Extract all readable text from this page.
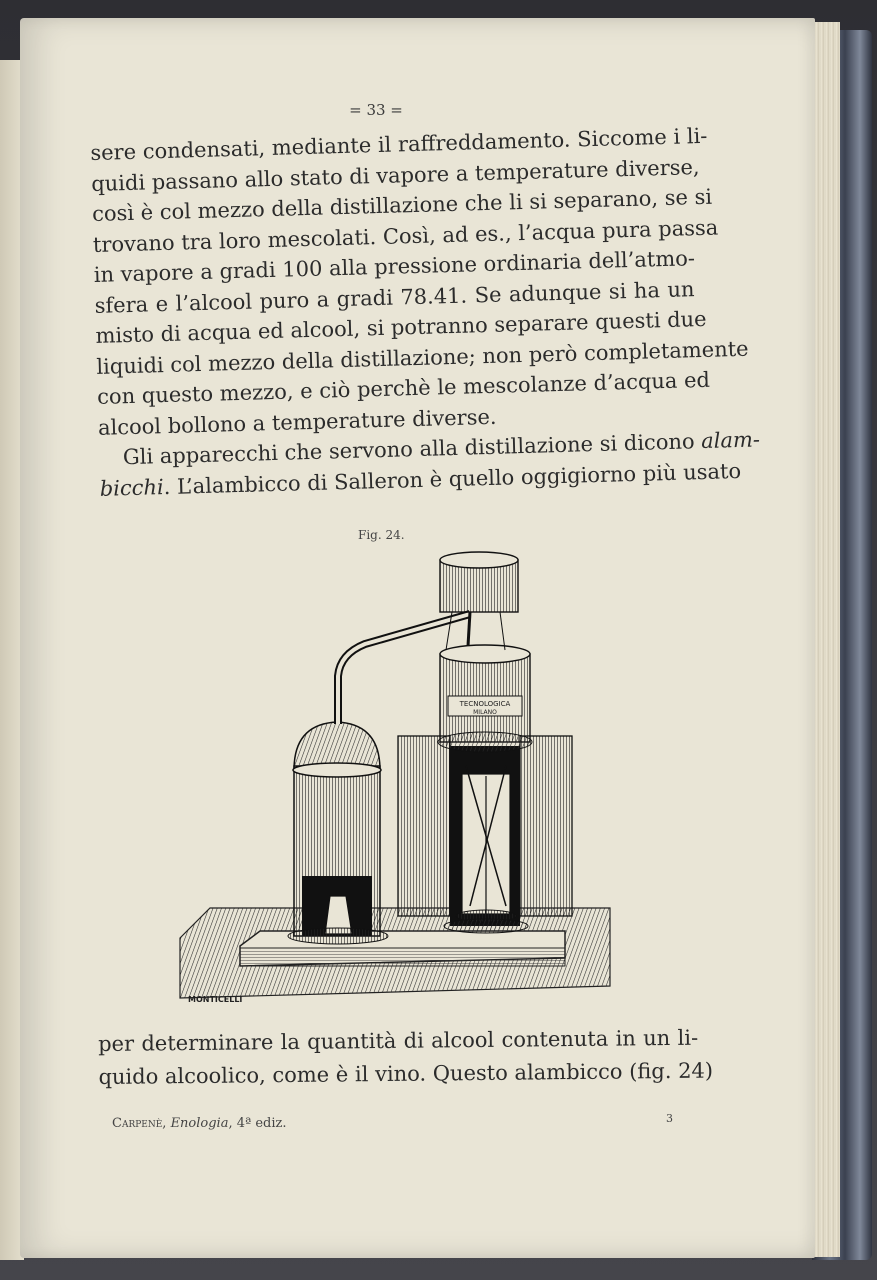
= 33 =
sere condensati, mediante il raffreddamento. Siccome i li-
quidi passano allo stato di vapore a temperature diverse,
così è col mezzo della distillazione che li si separano, se si
trovano tra loro mescolati. Così, ad es., l’acqua pura passa
in vapore a gradi 100 alla pressione ordinaria dell’atmo-
sfera e l’alcool puro a gradi 78.41. Se adunque si ha un
misto di acqua ed alcool, si potranno separare questi due
liquidi col mezzo della distillazione; non però completamente
con questo mezzo, e ciò perchè le mescolanze d’acqua ed
alcool bollono a temperature diverse.
Gli apparecchi che servono alla distillazione si dicono alam-
bicchi. L’alambicco di Salleron è quello oggigiorno più usato
Fig. 24.
TECNOLOGICA
MILANO
MONTICELLI
per determinare la quantità di alcool contenuta in un li-
quido alcoolico, come è il vino. Questo alambicco (fig. 24)
Carpenè, Enologia, 4ª ediz.	3
